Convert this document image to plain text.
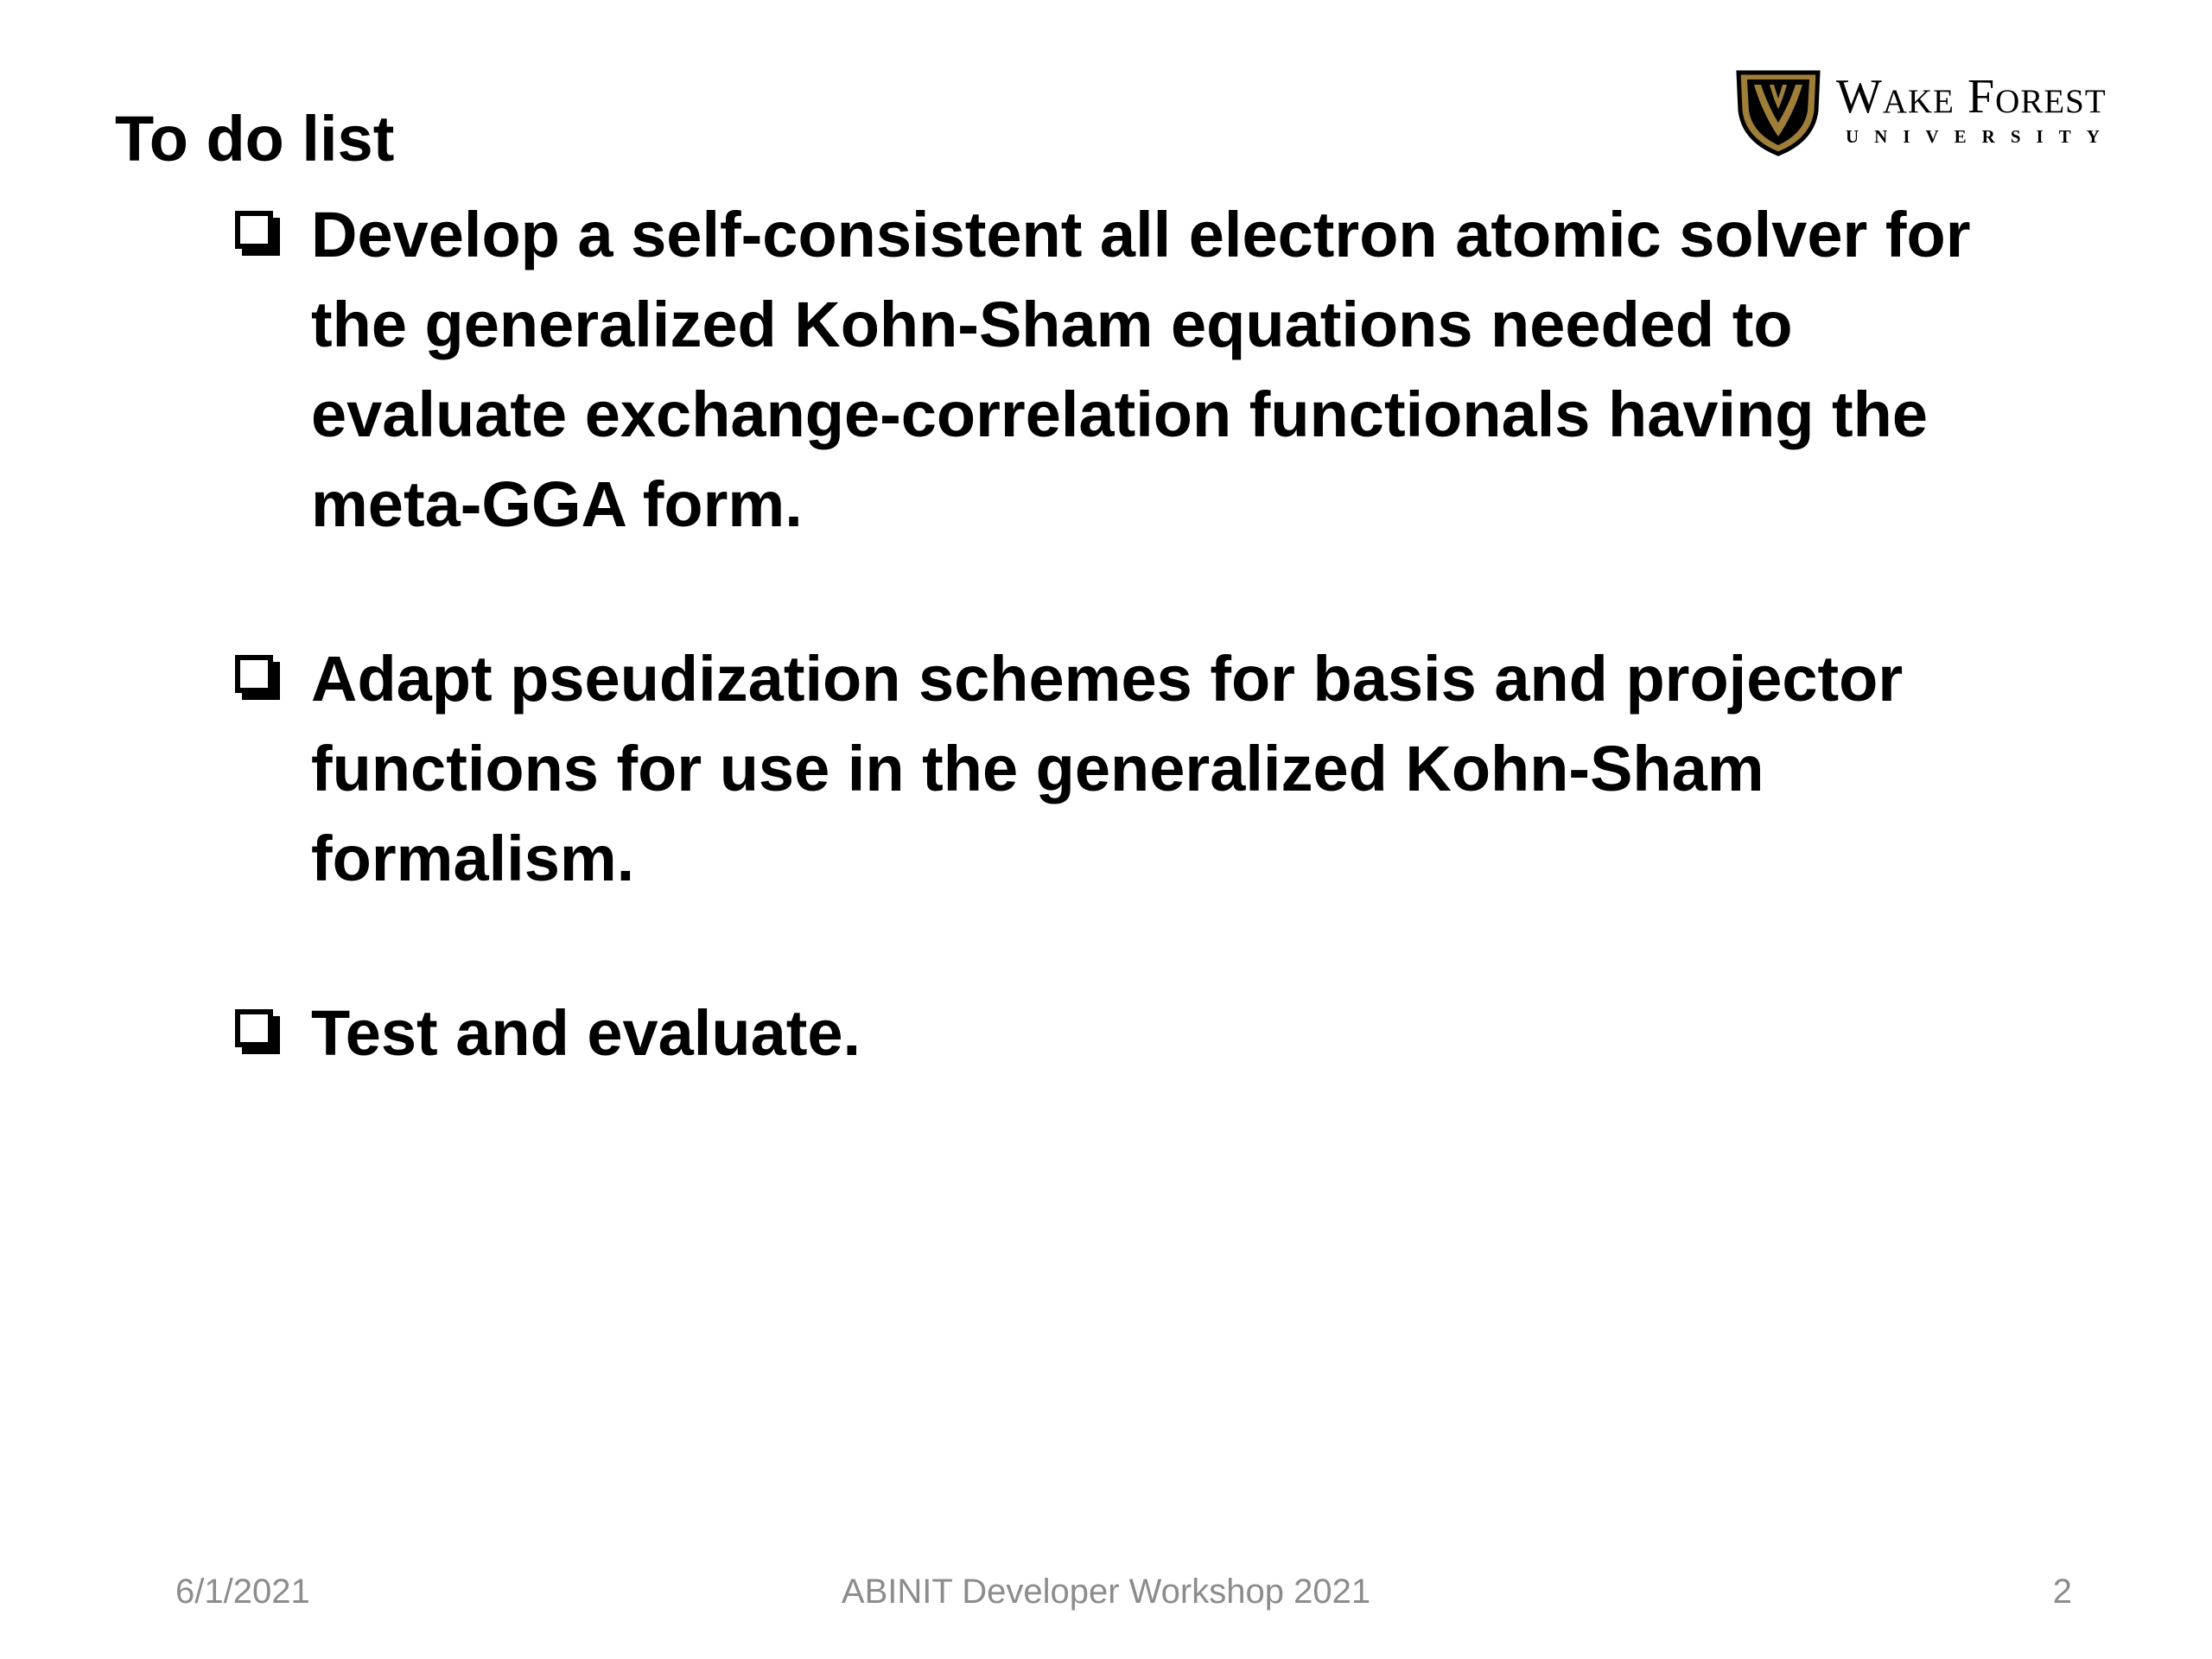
To do list
Wake Forest
UNIVERSITY
Develop a self-consistent all electron atomic solver for the generalized Kohn-Sham equations needed to evaluate exchange-correlation functionals having the meta-GGA form.
Adapt pseudization schemes for basis and projector functions for use in the generalized Kohn-Sham formalism.
Test and evaluate.
6/1/2021	ABINIT Developer Workshop 2021	2
